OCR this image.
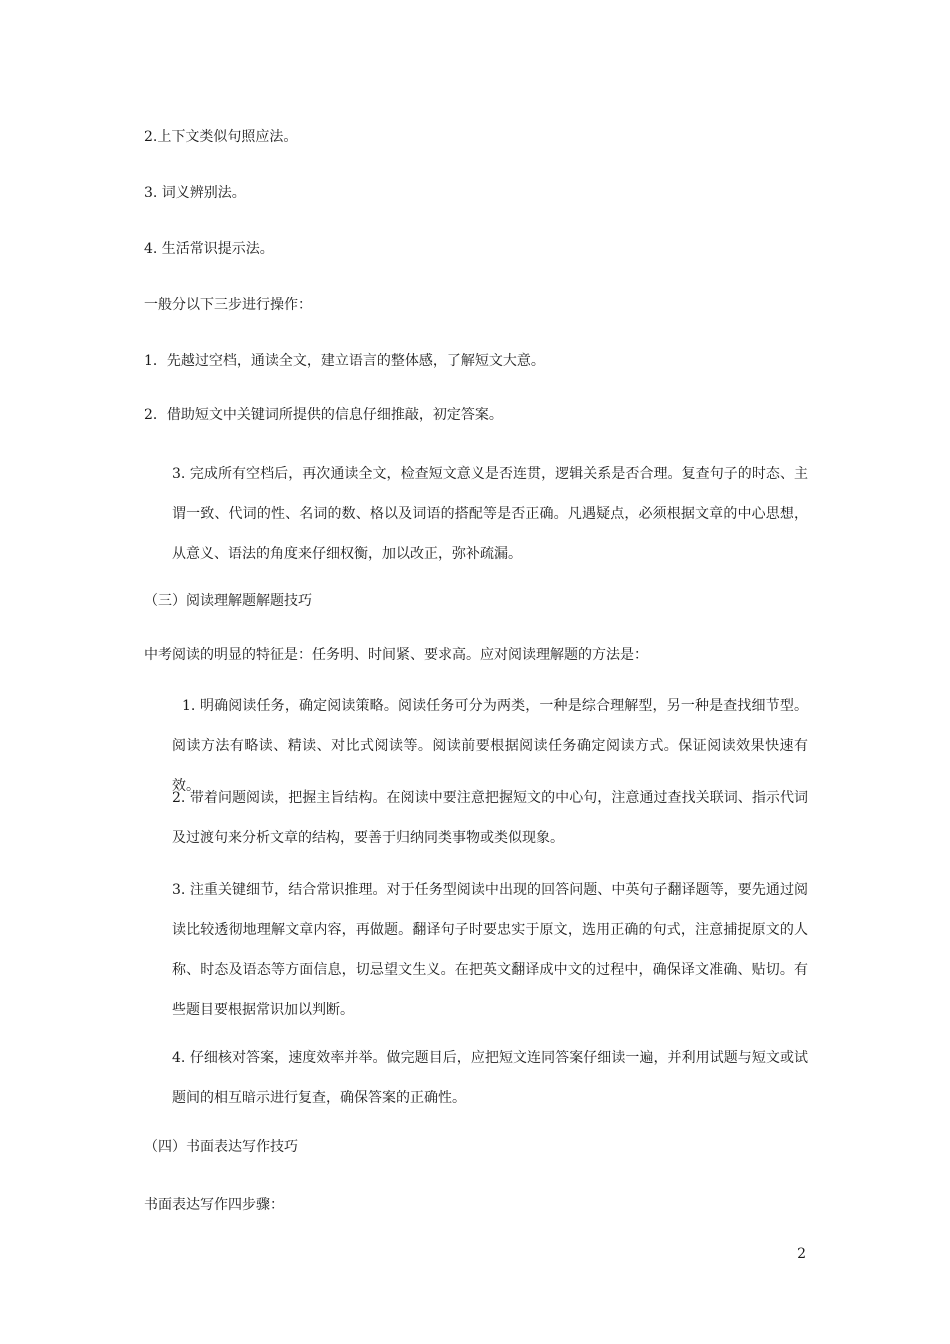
2.上下文类似句照应法。
3. 词义辨别法。
4. 生活常识提示法。
一般分以下三步进行操作：
1．先越过空档，通读全文，建立语言的整体感，了解短文大意。
2．借助短文中关键词所提供的信息仔细推敲，初定答案。
3. 完成所有空档后，再次通读全文，检查短文意义是否连贯，逻辑关系是否合理。复查句子的时态、主谓一致、代词的性、名词的数、格以及词语的搭配等是否正确。凡遇疑点，必须根据文章的中心思想，从意义、语法的角度来仔细权衡，加以改正，弥补疏漏。
（三）阅读理解题解题技巧
中考阅读的明显的特征是：任务明、时间紧、要求高。应对阅读理解题的方法是：
1. 明确阅读任务，确定阅读策略。阅读任务可分为两类，一种是综合理解型，另一种是查找细节型。阅读方法有略读、精读、对比式阅读等。阅读前要根据阅读任务确定阅读方式。保证阅读效果快速有效。
2. 带着问题阅读，把握主旨结构。在阅读中要注意把握短文的中心句，注意通过查找关联词、指示代词及过渡句来分析文章的结构，要善于归纳同类事物或类似现象。
3. 注重关键细节，结合常识推理。对于任务型阅读中出现的回答问题、中英句子翻译题等，要先通过阅读比较透彻地理解文章内容，再做题。翻译句子时要忠实于原文，选用正确的句式，注意捕捉原文的人称、时态及语态等方面信息，切忌望文生义。在把英文翻译成中文的过程中，确保译文准确、贴切。有些题目要根据常识加以判断。
4. 仔细核对答案，速度效率并举。做完题目后，应把短文连同答案仔细读一遍，并利用试题与短文或试题间的相互暗示进行复查，确保答案的正确性。
（四）书面表达写作技巧
书面表达写作四步骤：
2
